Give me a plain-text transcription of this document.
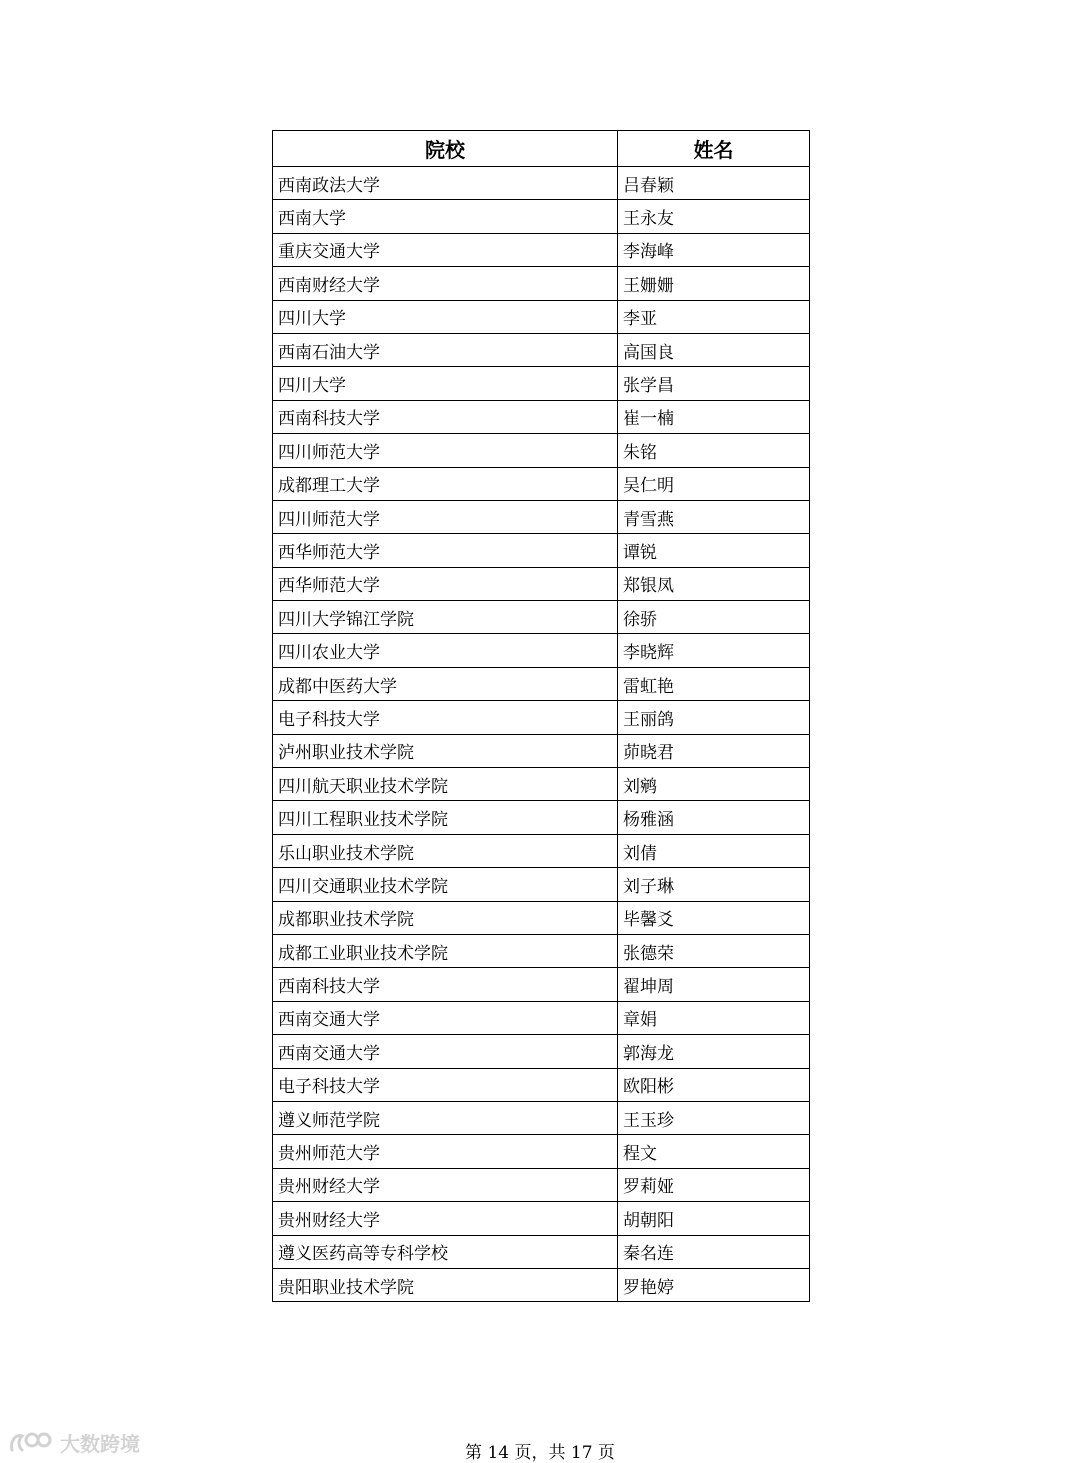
院校	姓名
西南政法大学	吕春颖
西南大学	王永友
重庆交通大学	李海峰
西南财经大学	王姗姗
四川大学	李亚
西南石油大学	高国良
四川大学	张学昌
西南科技大学	崔一楠
四川师范大学	朱铭
成都理工大学	吴仁明
四川师范大学	青雪燕
西华师范大学	谭锐
西华师范大学	郑银凤
四川大学锦江学院	徐骄
四川农业大学	李晓辉
成都中医药大学	雷虹艳
电子科技大学	王丽鸽
泸州职业技术学院	茆晓君
四川航天职业技术学院	刘鹓
四川工程职业技术学院	杨雅涵
乐山职业技术学院	刘倩
四川交通职业技术学院	刘子琳
成都职业技术学院	毕馨爻
成都工业职业技术学院	张德荣
西南科技大学	翟坤周
西南交通大学	章娟
西南交通大学	郭海龙
电子科技大学	欧阳彬
遵义师范学院	王玉珍
贵州师范大学	程文
贵州财经大学	罗莉娅
贵州财经大学	胡朝阳
遵义医药高等专科学校	秦名连
贵阳职业技术学院	罗艳婷
大数跨境	第 14 页，共 17 页
